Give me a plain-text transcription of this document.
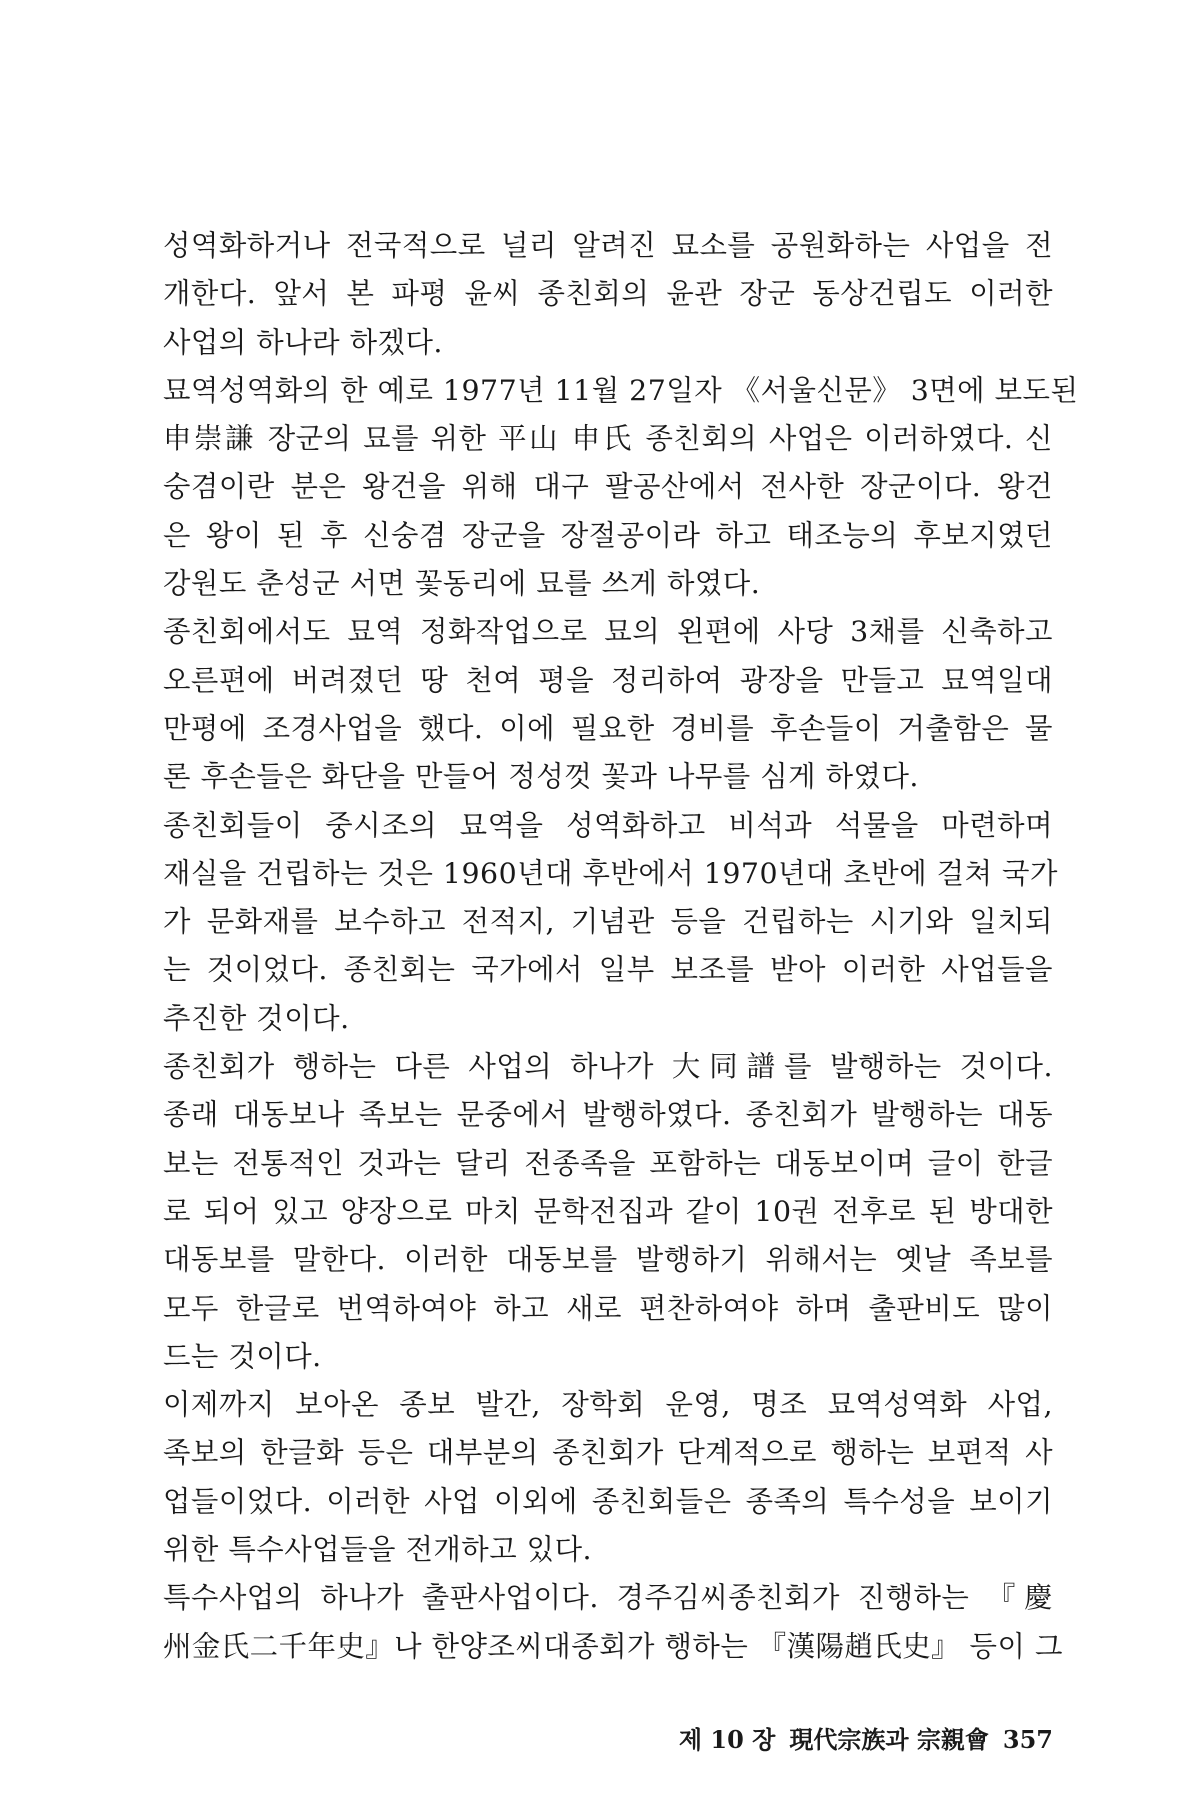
성역화하거나 전국적으로 널리 알려진 묘소를 공원화하는 사업을 전
개한다. 앞서 본 파평 윤씨 종친회의 윤관 장군 동상건립도 이러한
사업의 하나라 하겠다.
묘역성역화의 한 예로 1977년 11월 27일자 《서울신문》 3면에 보도된
申崇謙 장군의 묘를 위한 平山 申氏 종친회의 사업은 이러하였다. 신
숭겸이란 분은 왕건을 위해 대구 팔공산에서 전사한 장군이다. 왕건
은 왕이 된 후 신숭겸 장군을 장절공이라 하고 태조능의 후보지였던
강원도 춘성군 서면 꽃동리에 묘를 쓰게 하였다.
종친회에서도 묘역 정화작업으로 묘의 왼편에 사당 3채를 신축하고
오른편에 버려졌던 땅 천여 평을 정리하여 광장을 만들고 묘역일대
만평에 조경사업을 했다. 이에 필요한 경비를 후손들이 거출함은 물
론 후손들은 화단을 만들어 정성껏 꽃과 나무를 심게 하였다.
종친회들이 중시조의 묘역을 성역화하고 비석과 석물을 마련하며
재실을 건립하는 것은 1960년대 후반에서 1970년대 초반에 걸쳐 국가
가 문화재를 보수하고 전적지, 기념관 등을 건립하는 시기와 일치되
는 것이었다. 종친회는 국가에서 일부 보조를 받아 이러한 사업들을
추진한 것이다.
종친회가 행하는 다른 사업의 하나가 大同譜를 발행하는 것이다.
종래 대동보나 족보는 문중에서 발행하였다. 종친회가 발행하는 대동
보는 전통적인 것과는 달리 전종족을 포함하는 대동보이며 글이 한글
로 되어 있고 양장으로 마치 문학전집과 같이 10권 전후로 된 방대한
대동보를 말한다. 이러한 대동보를 발행하기 위해서는 옛날 족보를
모두 한글로 번역하여야 하고 새로 편찬하여야 하며 출판비도 많이
드는 것이다.
이제까지 보아온 종보 발간, 장학회 운영, 명조 묘역성역화 사업,
족보의 한글화 등은 대부분의 종친회가 단계적으로 행하는 보편적 사
업들이었다. 이러한 사업 이외에 종친회들은 종족의 특수성을 보이기
위한 특수사업들을 전개하고 있다.
특수사업의 하나가 출판사업이다. 경주김씨종친회가 진행하는 『慶
州金氏二千年史』나 한양조씨대종회가 행하는 『漢陽趙氏史』 등이 그
제 10 장 現代宗族과 宗親會 357
